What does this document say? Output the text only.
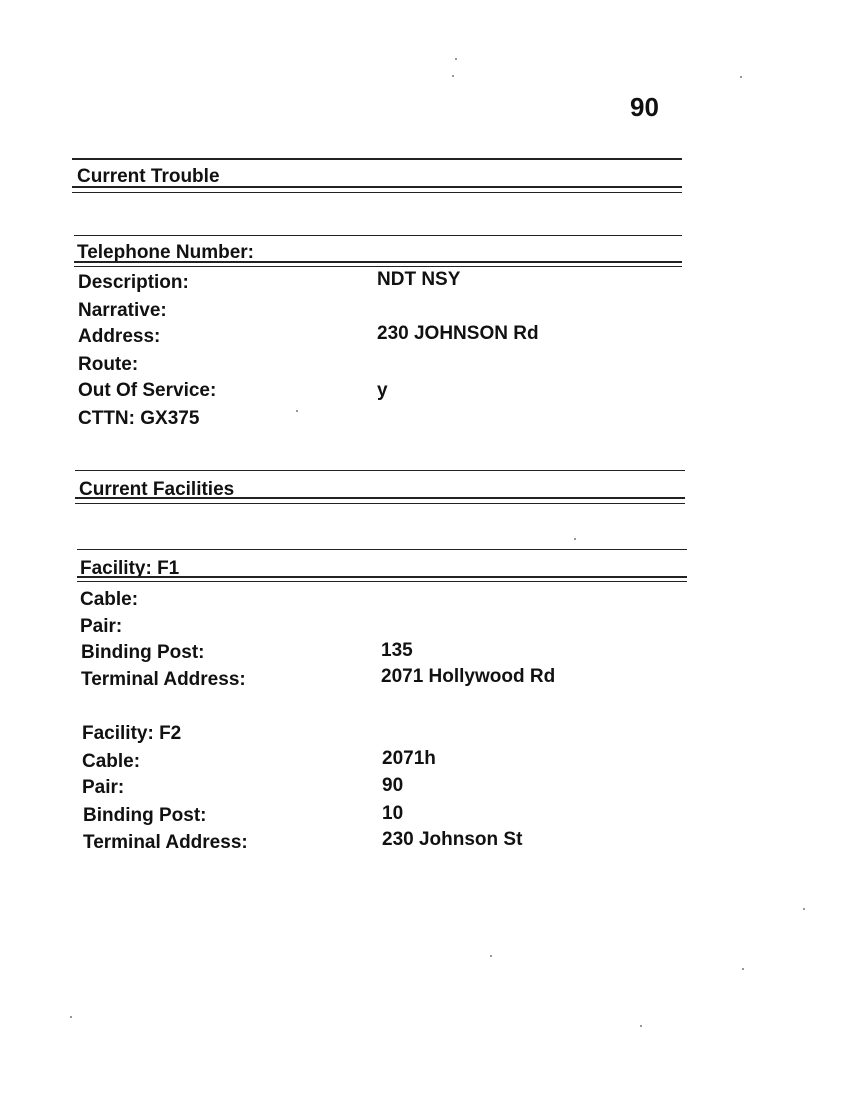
90
Current Trouble
Telephone Number:
Description:	NDT NSY
Narrative:
Address:	230 JOHNSON Rd
Route:
Out Of Service:	y
CTTN: GX375
Current Facilities
Facility: F1
Cable:
Pair:
Binding Post:	135
Terminal Address:	2071 Hollywood Rd
Facility: F2
Cable:	2071h
Pair:	90
Binding Post:	10
Terminal Address:	230 Johnson St
